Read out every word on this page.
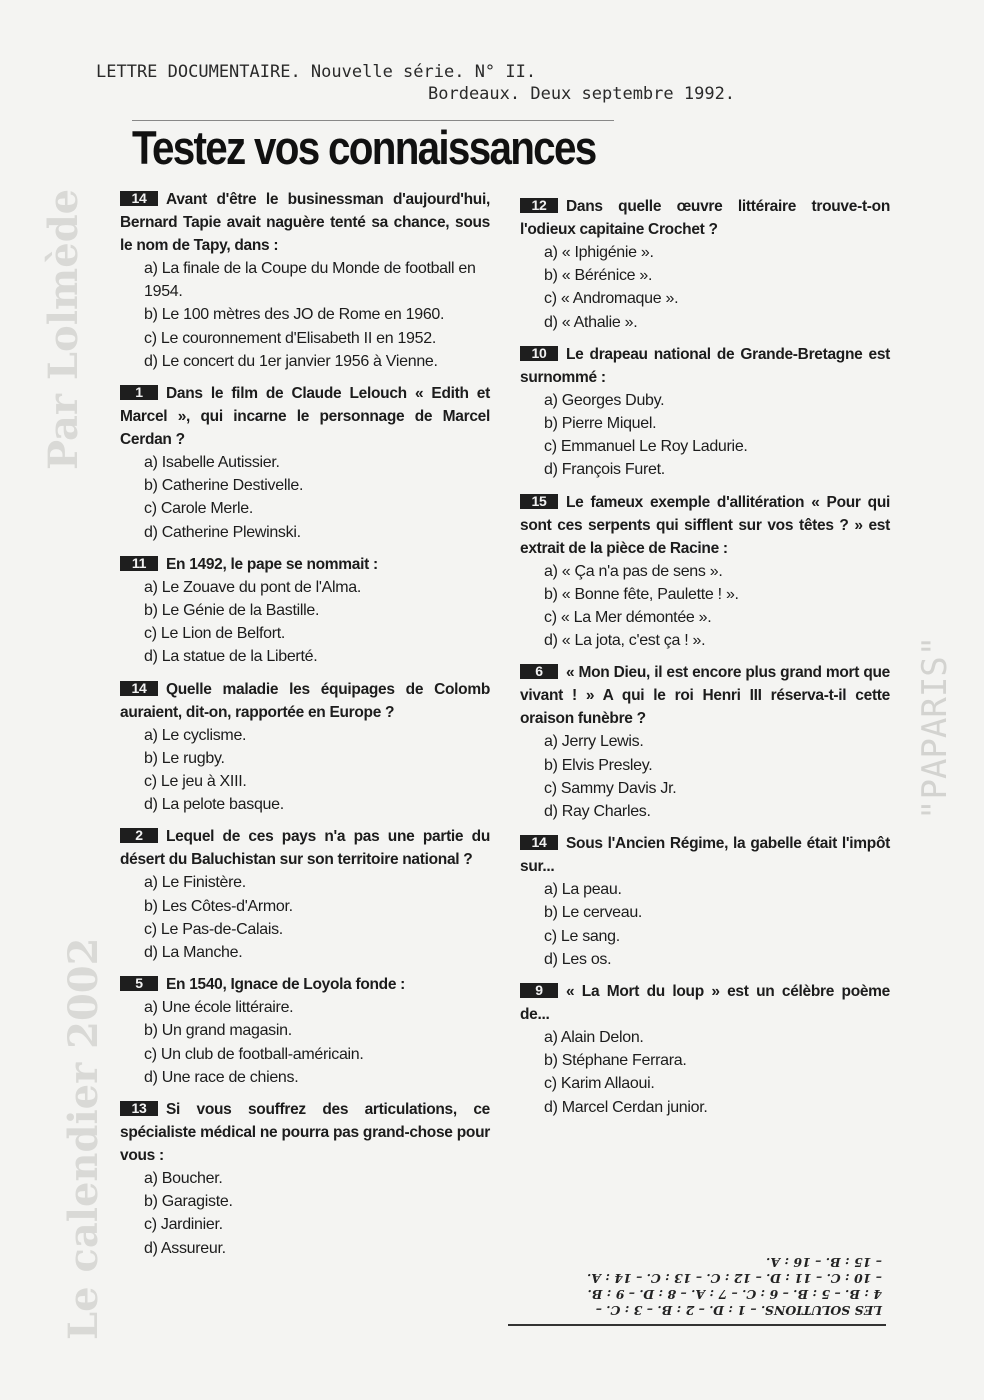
Par Lolmède
Le calendier 2002
"PAPARIS"
LETTRE DOCUMENTAIRE. Nouvelle série. N° II.
Bordeaux. Deux septembre 1992.
Testez vos connaissances

14 Avant d'être le businessman d'aujourd'hui, Bernard Tapie avait naguère tenté sa chance, sous le nom de Tapy, dans :

a) La finale de la Coupe du Monde de football en 1954.
b) Le 100 mètres des JO de Rome en 1960.
c) Le couronnement d'Elisabeth II en 1952.
d) Le concert du 1er janvier 1956 à Vienne.

1 Dans le film de Claude Lelouch « Edith et Marcel », qui incarne le personnage de Marcel Cerdan ?

a) Isabelle Autissier.
b) Catherine Destivelle.
c) Carole Merle.
d) Catherine Plewinski.

11 En 1492, le pape se nommait :

a) Le Zouave du pont de l'Alma.
b) Le Génie de la Bastille.
c) Le Lion de Belfort.
d) La statue de la Liberté.

14 Quelle maladie les équipages de Colomb auraient, dit-on, rapportée en Europe ?

a) Le cyclisme.
b) Le rugby.
c) Le jeu à XIII.
d) La pelote basque.

2 Lequel de ces pays n'a pas une partie du désert du Baluchistan sur son territoire national ?

a) Le Finistère.
b) Les Côtes-d'Armor.
c) Le Pas-de-Calais.
d) La Manche.

5 En 1540, Ignace de Loyola fonde :

a) Une école littéraire.
b) Un grand magasin.
c) Un club de football-américain.
d) Une race de chiens.

13 Si vous souffrez des articulations, ce spécialiste médical ne pourra pas grand-chose pour vous :

a) Boucher.
b) Garagiste.
c) Jardinier.
d) Assureur.

12 Dans quelle œuvre littéraire trouve-t-on l'odieux capitaine Crochet ?

a) « Iphigénie ».
b) « Bérénice ».
c) « Andromaque ».
d) « Athalie ».

10 Le drapeau national de Grande-Bretagne est surnommé :

a) Georges Duby.
b) Pierre Miquel.
c) Emmanuel Le Roy Ladurie.
d) François Furet.

15 Le fameux exemple d'allitération « Pour qui sont ces serpents qui sifflent sur vos têtes ? » est extrait de la pièce de Racine :

a) « Ça n'a pas de sens ».
b) « Bonne fête, Paulette ! ».
c) « La Mer démontée ».
d) « La jota, c'est ça ! ».

6 « Mon Dieu, il est encore plus grand mort que vivant ! » A qui le roi Henri III réserva-t-il cette oraison funèbre ?

a) Jerry Lewis.
b) Elvis Presley.
c) Sammy Davis Jr.
d) Ray Charles.

14 Sous l'Ancien Régime, la gabelle était l'impôt sur...

a) La peau.
b) Le cerveau.
c) Le sang.
d) Les os.

9 « La Mort du loup » est un célèbre poème de...

a) Alain Delon.
b) Stéphane Ferrara.
c) Karim Allaoui.
d) Marcel Cerdan junior.

LES SOLUTIONS. – 1 : D. – 2 : B. – 3 : C. –

4 : B. – 5 : B. – 6 : C. – 7 : A. – 8 : D. – 9 : B.

– 10 : C. – 11 : D. – 12 : C. – 13 : C. – 14 : A.

– 15 : B. – 16 : A.
